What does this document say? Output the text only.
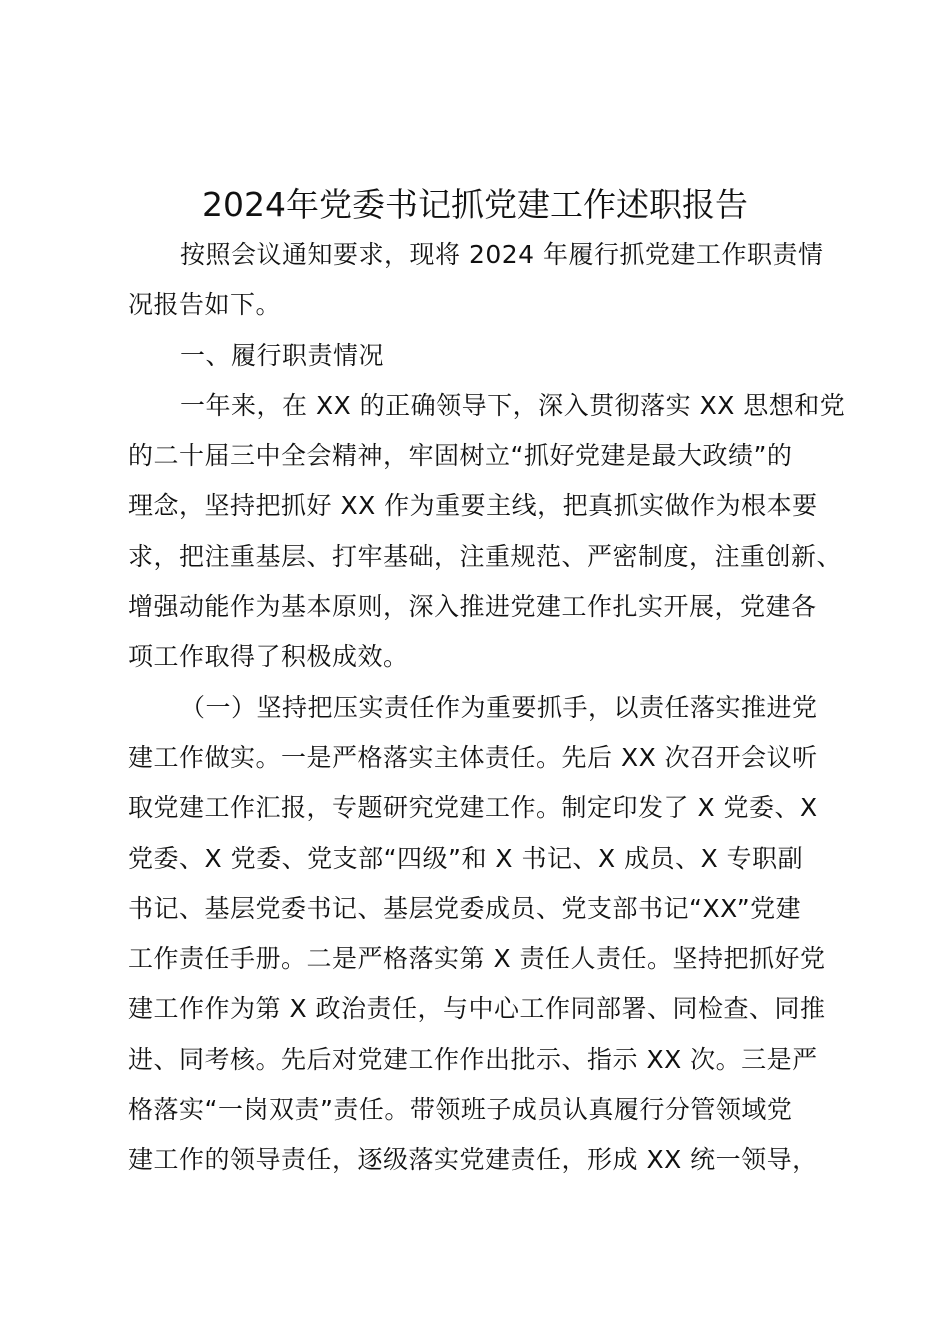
2024年党委书记抓党建工作述职报告
按照会议通知要求，现将 2024 年履行抓党建工作职责情
况报告如下。
一、履行职责情况
一年来，在 XX 的正确领导下，深入贯彻落实 XX 思想和党
的二十届三中全会精神，牢固树立“抓好党建是最大政绩”的
理念，坚持把抓好 XX 作为重要主线，把真抓实做作为根本要
求，把注重基层、打牢基础，注重规范、严密制度，注重创新、
增强动能作为基本原则，深入推进党建工作扎实开展，党建各
项工作取得了积极成效。
（一）坚持把压实责任作为重要抓手，以责任落实推进党
建工作做实。一是严格落实主体责任。先后 XX 次召开会议听
取党建工作汇报，专题研究党建工作。制定印发了 X 党委、X
党委、X 党委、党支部“四级”和 X 书记、X 成员、X 专职副
书记、基层党委书记、基层党委成员、党支部书记“XX”党建
工作责任手册。二是严格落实第 X 责任人责任。坚持把抓好党
建工作作为第 X 政治责任，与中心工作同部署、同检查、同推
进、同考核。先后对党建工作作出批示、指示 XX 次。三是严
格落实“一岗双责”责任。带领班子成员认真履行分管领域党
建工作的领导责任，逐级落实党建责任，形成 XX 统一领导，
